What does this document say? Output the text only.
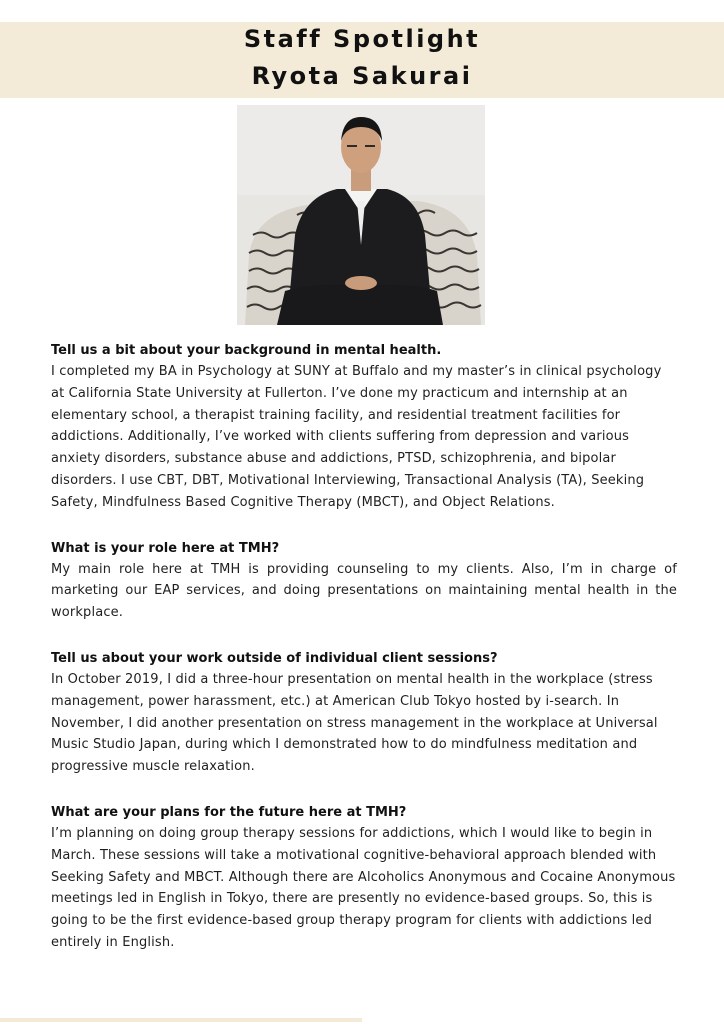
Staff Spotlight
Ryota Sakurai

Tell us a bit about your background in mental health.

I completed my BA in Psychology at SUNY at Buffalo and my master’s in clinical psychology at California State University at Fullerton. I’ve done my practicum and internship at an elementary school, a therapist training facility, and residential treatment facilities for addictions. Additionally, I’ve worked with clients suffering from depression and various anxiety disorders, substance abuse and addictions, PTSD, schizophrenia, and bipolar disorders. I use CBT, DBT, Motivational Interviewing, Transactional Analysis (TA), Seeking Safety, Mindfulness Based Cognitive Therapy (MBCT), and Object Relations.

What is your role here at TMH?

My main role here at TMH is providing counseling to my clients. Also, I’m in charge of marketing our EAP services, and doing presentations on maintaining mental health in the workplace.

Tell us about your work outside of individual client sessions?

In October 2019, I did a three-hour presentation on mental health in the workplace (stress management, power harassment, etc.) at American Club Tokyo hosted by i-search. In November, I did another presentation on stress management in the workplace at Universal Music Studio Japan, during which I demonstrated how to do mindfulness meditation and progressive muscle relaxation.

What are your plans for the future here at TMH?

I’m planning on doing group therapy sessions for addictions, which I would like to begin in March. These sessions will take a motivational cognitive-behavioral approach blended with Seeking Safety and MBCT. Although there are Alcoholics Anonymous and Cocaine Anonymous meetings led in English in Tokyo, there are presently no evidence-based groups. So, this is going to be the first evidence-based group therapy program for clients with addictions led entirely in English.
